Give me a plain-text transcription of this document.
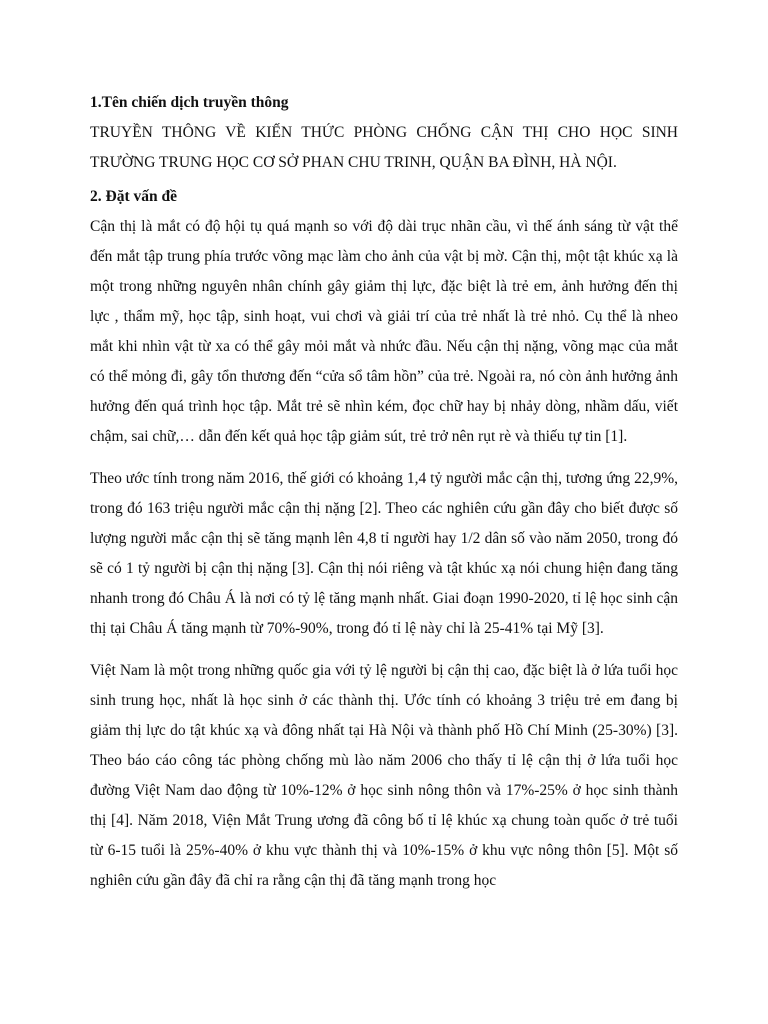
1.Tên chiến dịch truyền thông
TRUYỀN THÔNG VỀ KIẾN THỨC PHÒNG CHỐNG CẬN THỊ CHO HỌC SINH TRƯỜNG TRUNG HỌC CƠ SỞ PHAN CHU TRINH, QUẬN BA ĐÌNH, HÀ NỘI.
2. Đặt vấn đề

Cận thị là mắt có độ hội tụ quá mạnh so với độ dài trục nhãn cầu, vì thế ánh sáng từ vật thể đến mắt tập trung phía trước võng mạc làm cho ảnh của vật bị mờ. Cận thị, một tật khúc xạ là một trong những nguyên nhân chính gây giảm thị lực, đặc biệt là trẻ em, ảnh hưởng đến thị lực , thẩm mỹ, học tập, sinh hoạt, vui chơi và giải trí của trẻ nhất là trẻ nhỏ. Cụ thể là nheo mắt khi nhìn vật từ xa có thể gây mỏi mắt và nhức đầu. Nếu cận thị nặng, võng mạc của mắt có thể mỏng đi, gây tổn thương đến “cửa sổ tâm hồn” của trẻ. Ngoài ra, nó còn ảnh hưởng ảnh hưởng đến quá trình học tập. Mắt trẻ sẽ nhìn kém, đọc chữ hay bị nhảy dòng, nhầm dấu, viết chậm, sai chữ,… dẫn đến kết quả học tập giảm sút, trẻ trở nên rụt rè và thiếu tự tin [1].

Theo ước tính trong năm 2016, thế giới có khoảng 1,4 tỷ người mắc cận thị, tương ứng 22,9%, trong đó 163 triệu người mắc cận thị nặng [2]. Theo các nghiên cứu gần đây cho biết được số lượng người mắc cận thị sẽ tăng mạnh lên 4,8 tỉ người hay 1/2 dân số vào năm 2050, trong đó sẽ có 1 tỷ người bị cận thị nặng [3]. Cận thị nói riêng và tật khúc xạ nói chung hiện đang tăng nhanh trong đó Châu Á là nơi có tỷ lệ tăng mạnh nhất. Giai đoạn 1990-2020, tỉ lệ học sinh cận thị tại Châu Á tăng mạnh từ 70%-90%, trong đó tỉ lệ này chỉ là 25-41% tại Mỹ [3].

Việt Nam là một trong những quốc gia với tỷ lệ người bị cận thị cao, đặc biệt là ở lứa tuổi học sinh trung học, nhất là học sinh ở các thành thị. Ước tính có khoảng 3 triệu trẻ em đang bị giảm thị lực do tật khúc xạ và đông nhất tại Hà Nội và thành phố Hồ Chí Minh (25-30%) [3]. Theo báo cáo công tác phòng chống mù lào năm 2006 cho thấy tỉ lệ cận thị ở lứa tuổi học đường Việt Nam dao động từ 10%-12% ở học sinh nông thôn và 17%-25% ở học sinh thành thị [4]. Năm 2018, Viện Mắt Trung ương đã công bố tỉ lệ khúc xạ chung toàn quốc ở trẻ tuổi từ 6-15 tuổi là 25%-40% ở khu vực thành thị và 10%-15% ở khu vực nông thôn [5]. Một số nghiên cứu gần đây đã chỉ ra rằng cận thị đã tăng mạnh trong học
